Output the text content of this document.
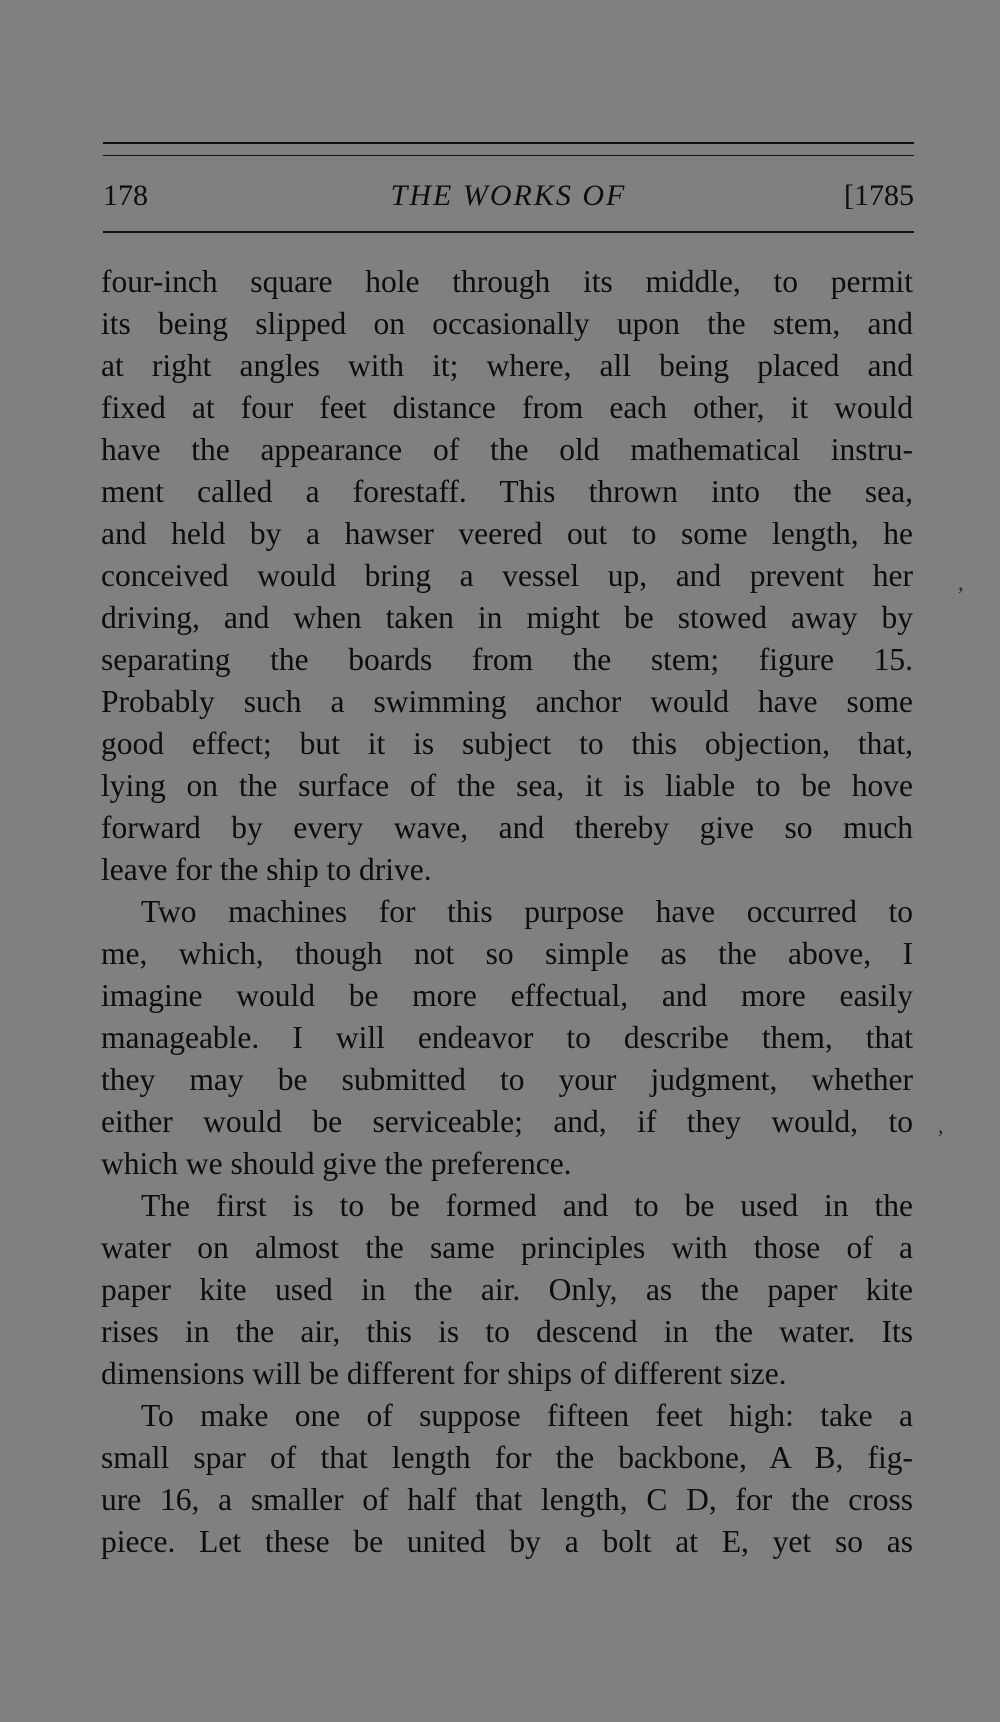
178	THE WORKS OF	[1785
four-inch square hole through its middle, to permit
its being slipped on occasionally upon the stem, and
at right angles with it; where, all being placed and
fixed at four feet distance from each other, it would
have the appearance of the old mathematical instru-
ment called a forestaff. This thrown into the sea,
and held by a hawser veered out to some length, he
conceived would bring a vessel up, and prevent her
driving, and when taken in might be stowed away by
separating the boards from the stem; figure 15.
Probably such a swimming anchor would have some
good effect; but it is subject to this objection, that,
lying on the surface of the sea, it is liable to be hove
forward by every wave, and thereby give so much
leave for the ship to drive.
Two machines for this purpose have occurred to
me, which, though not so simple as the above, I
imagine would be more effectual, and more easily
manageable. I will endeavor to describe them, that
they may be submitted to your judgment, whether
either would be serviceable; and, if they would, to
which we should give the preference.
The first is to be formed and to be used in the
water on almost the same principles with those of a
paper kite used in the air. Only, as the paper kite
rises in the air, this is to descend in the water. Its
dimensions will be different for ships of different size.
To make one of suppose fifteen feet high: take a
small spar of that length for the backbone, A B, fig-
ure 16, a smaller of half that length, C D, for the cross
piece. Let these be united by a bolt at E, yet so as
,
,
